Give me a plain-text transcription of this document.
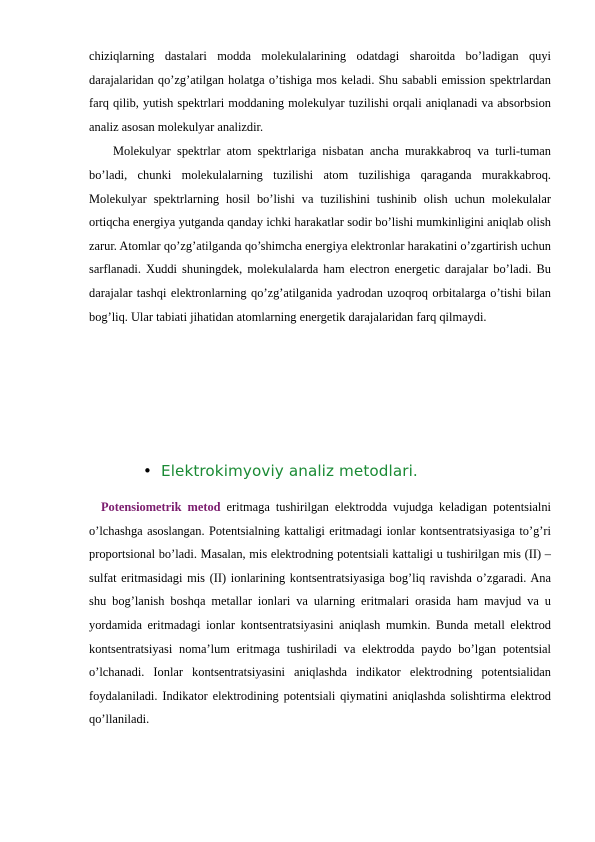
chiziqlarning dastalari modda molekulalarining odatdagi sharoitda bo’ladigan quyi darajalaridan qo’zg’atilgan holatga o’tishiga mos keladi. Shu sababli emission spektrlardan farq qilib, yutish spektrlari moddaning molekulyar tuzilishi orqali aniqlanadi va absorbsion analiz asosan molekulyar analizdir.

Molekulyar spektrlar atom spektrlariga nisbatan ancha murakkabroq va turli-tuman bo’ladi, chunki molekulalarning tuzilishi atom tuzilishiga qaraganda murakkabroq. Molekulyar spektrlarning hosil bo’lishi va tuzilishini tushinib olish uchun molekulalar ortiqcha energiya yutganda qanday ichki harakatlar sodir bo’lishi mumkinligini aniqlab olish zarur. Atomlar qo’zg’atilganda qo’shimcha energiya elektronlar harakatini o’zgartirish uchun sarflanadi. Xuddi shuningdek, molekulalarda ham electron energetic darajalar bo’ladi. Bu darajalar tashqi elektronlarning qo’zg’atilganida yadrodan uzoqroq orbitalarga o’tishi bilan bog’liq. Ular tabiati jihatidan atomlarning energetik darajalaridan farq qilmaydi.

• Elektrokimyoviy analiz metodlari.

Potensiometrik metod eritmaga tushirilgan elektrodda vujudga keladigan potentsialni o’lchashga asoslangan. Potentsialning kattaligi eritmadagi ionlar kontsentratsiyasiga to’g’ri proportsional bo’ladi. Masalan, mis elektrodning potentsiali kattaligi u tushirilgan mis (II) – sulfat eritmasidagi mis (II) ionlarining kontsentratsiyasiga bog’liq ravishda o’zgaradi. Ana shu bog’lanish boshqa metallar ionlari va ularning eritmalari orasida ham mavjud va u yordamida eritmadagi ionlar kontsentratsiyasini aniqlash mumkin. Bunda metall elektrod kontsentratsiyasi noma’lum eritmaga tushiriladi va elektrodda paydo bo’lgan potentsial o’lchanadi. Ionlar kontsentratsiyasini aniqlashda indikator elektrodning potentsialidan foydalaniladi. Indikator elektrodining potentsiali qiymatini aniqlashda solishtirma elektrod qo’llaniladi.
